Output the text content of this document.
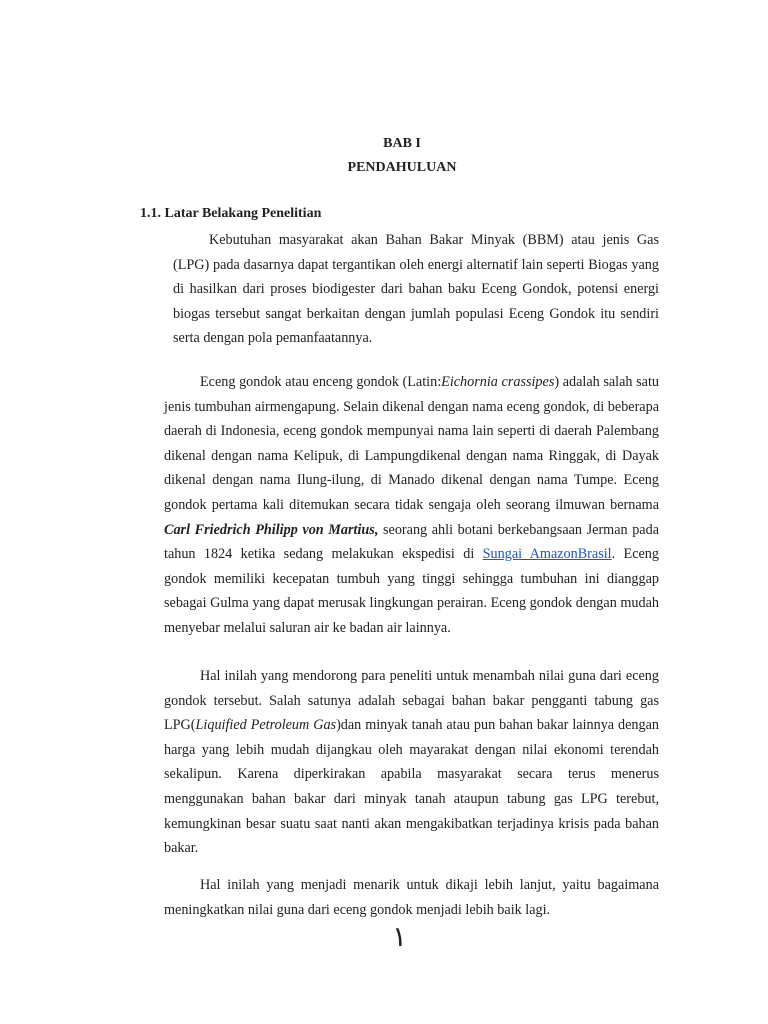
BAB I
PENDAHULUAN
1.1. Latar Belakang Penelitian

Kebutuhan masyarakat akan Bahan Bakar Minyak (BBM) atau jenis Gas (LPG) pada dasarnya dapat tergantikan oleh energi alternatif lain seperti Biogas yang di hasilkan dari proses biodigester dari bahan baku Eceng Gondok, potensi energi biogas tersebut sangat berkaitan dengan jumlah populasi Eceng Gondok itu sendiri serta dengan pola pemanfaatannya.

Eceng gondok atau enceng gondok (Latin:Eichornia crassipes) adalah salah satu jenis tumbuhan airmengapung. Selain dikenal dengan nama eceng gondok, di beberapa daerah di Indonesia, eceng gondok mempunyai nama lain seperti di daerah Palembang dikenal dengan nama Kelipuk, di Lampungdikenal dengan nama Ringgak, di Dayak dikenal dengan nama Ilung-ilung, di Manado dikenal dengan nama Tumpe. Eceng gondok pertama kali ditemukan secara tidak sengaja oleh seorang ilmuwan bernama Carl Friedrich Philipp von Martius, seorang ahli botani berkebangsaan Jerman pada tahun 1824 ketika sedang melakukan ekspedisi di Sungai AmazonBrasil. Eceng gondok memiliki kecepatan tumbuh yang tinggi sehingga tumbuhan ini dianggap sebagai Gulma yang dapat merusak lingkungan perairan. Eceng gondok dengan mudah menyebar melalui saluran air ke badan air lainnya.

Hal inilah yang mendorong para peneliti untuk menambah nilai guna dari eceng gondok tersebut. Salah satunya adalah sebagai bahan bakar pengganti tabung gas LPG(Liquified Petroleum Gas)dan minyak tanah atau pun bahan bakar lainnya dengan harga yang lebih mudah dijangkau oleh mayarakat dengan nilai ekonomi terendah sekalipun. Karena diperkirakan apabila masyarakat secara terus menerus menggunakan bahan bakar dari minyak tanah ataupun tabung gas LPG terebut, kemungkinan besar suatu saat nanti akan mengakibatkan terjadinya krisis pada bahan bakar.

Hal inilah yang menjadi menarik untuk dikaji lebih lanjut, yaitu bagaimana meningkatkan nilai guna dari eceng gondok menjadi lebih baik lagi.

١
